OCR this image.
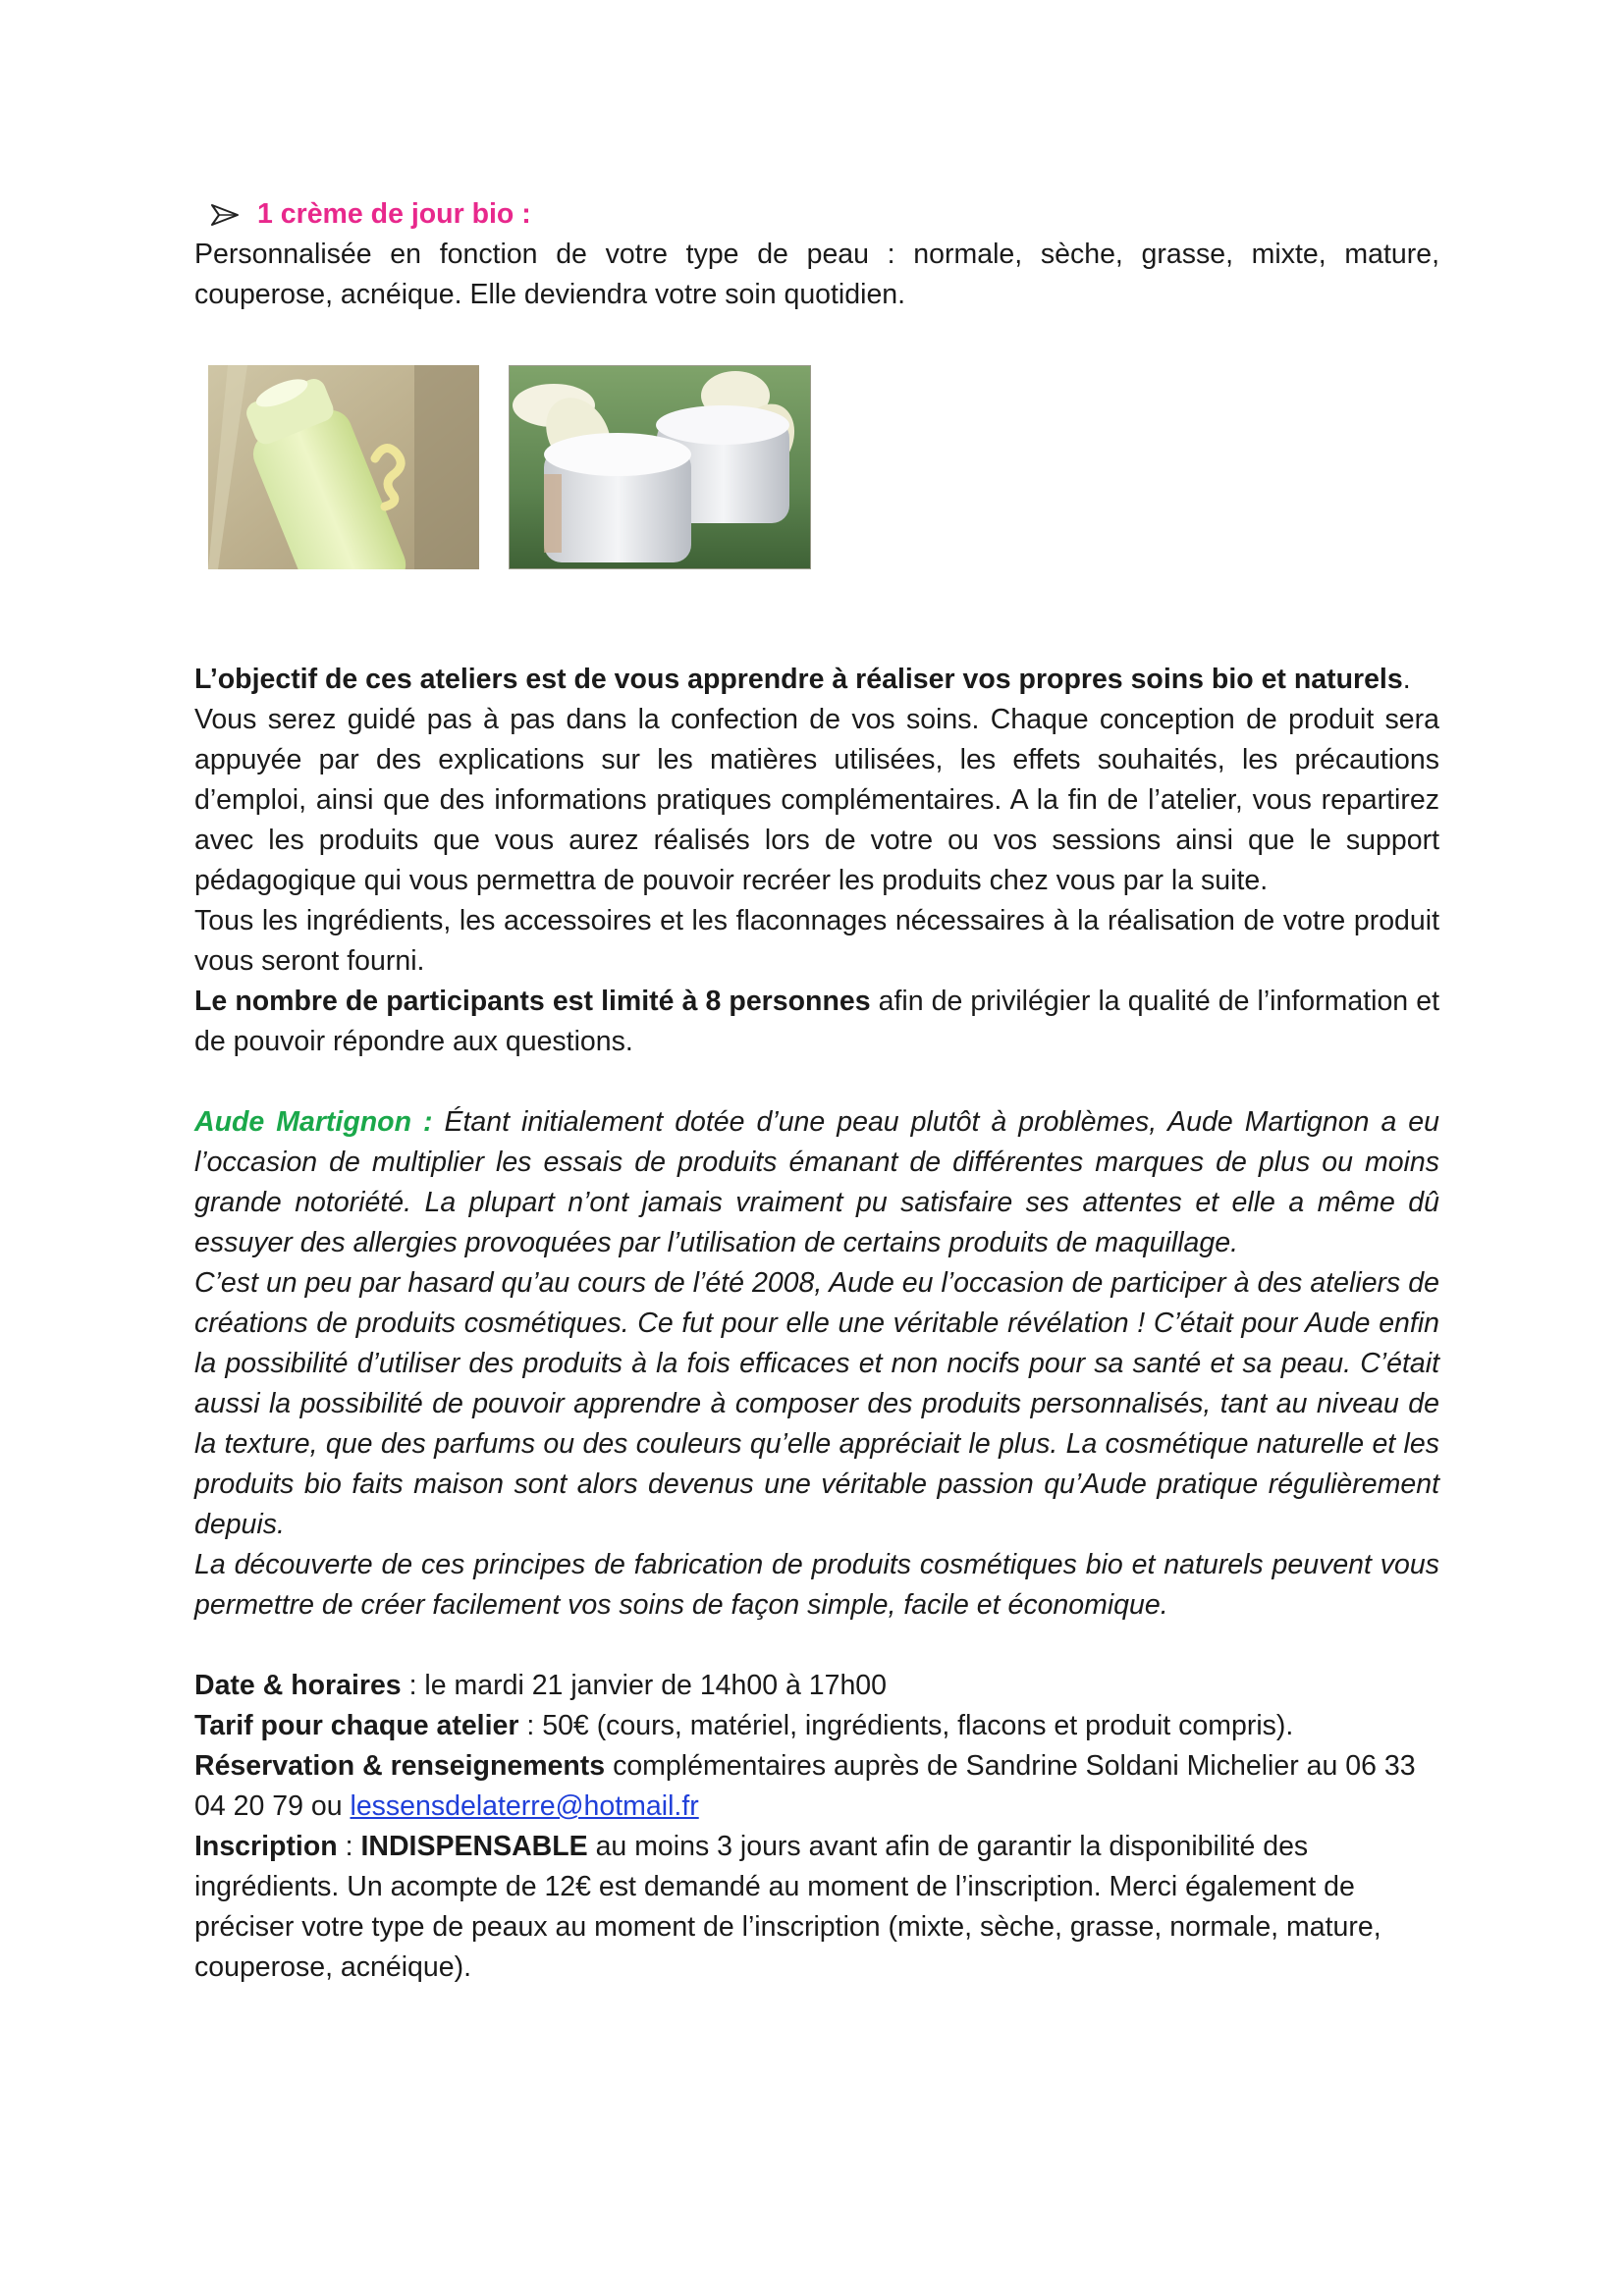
1 crème de jour bio :

Personnalisée en fonction de votre type de peau : normale, sèche, grasse, mixte, mature, couperose, acnéique. Elle deviendra votre soin quotidien.

L’objectif de ces ateliers est de vous apprendre à réaliser vos propres soins bio et naturels.

Vous serez guidé pas à pas dans la confection de vos soins. Chaque conception de produit sera appuyée par des explications sur les matières utilisées, les effets souhaités, les précautions d’emploi, ainsi que des informations pratiques complémentaires. A la fin de l’atelier, vous repartirez avec les produits que vous aurez réalisés lors de votre ou vos sessions ainsi que le support pédagogique qui vous permettra de pouvoir recréer les produits chez vous par la suite.

Tous les ingrédients, les accessoires et les flaconnages nécessaires à la réalisation de votre produit vous seront fourni.

Le nombre de participants est limité à 8 personnes afin de privilégier la qualité de l’information et de pouvoir répondre aux questions.

Aude Martignon : Étant initialement dotée d’une peau plutôt à problèmes, Aude Martignon a eu l’occasion de multiplier les essais de produits émanant de différentes marques de plus ou moins grande notoriété. La plupart n’ont jamais vraiment pu satisfaire ses attentes et elle a même dû essuyer des allergies provoquées par l’utilisation de certains produits de maquillage.

C’est un peu par hasard qu’au cours de l’été 2008, Aude eu l’occasion de participer à des ateliers de créations de produits cosmétiques. Ce fut pour elle une véritable révélation ! C’était pour Aude enfin la possibilité d’utiliser des produits à la fois efficaces et non nocifs pour sa santé et sa peau. C’était aussi la possibilité de pouvoir apprendre à composer des produits personnalisés, tant au niveau de la texture, que des parfums ou des couleurs qu’elle appréciait le plus. La cosmétique naturelle et les produits bio faits maison sont alors devenus une véritable passion qu’Aude pratique régulièrement depuis.

La découverte de ces principes de fabrication de produits cosmétiques bio et naturels peuvent vous permettre de créer facilement vos soins de façon simple, facile et économique.

Date & horaires : le mardi 21 janvier de 14h00 à 17h00

Tarif pour chaque atelier : 50€ (cours, matériel, ingrédients, flacons et produit compris).

Réservation & renseignements complémentaires auprès de Sandrine Soldani Michelier au 06 33 04 20 79 ou lessensdelaterre@hotmail.fr

Inscription : INDISPENSABLE au moins 3 jours avant afin de garantir la disponibilité des ingrédients. Un acompte de 12€ est demandé au moment de l’inscription. Merci également de préciser votre type de peaux au moment de l’inscription (mixte, sèche, grasse, normale, mature, couperose, acnéique).
